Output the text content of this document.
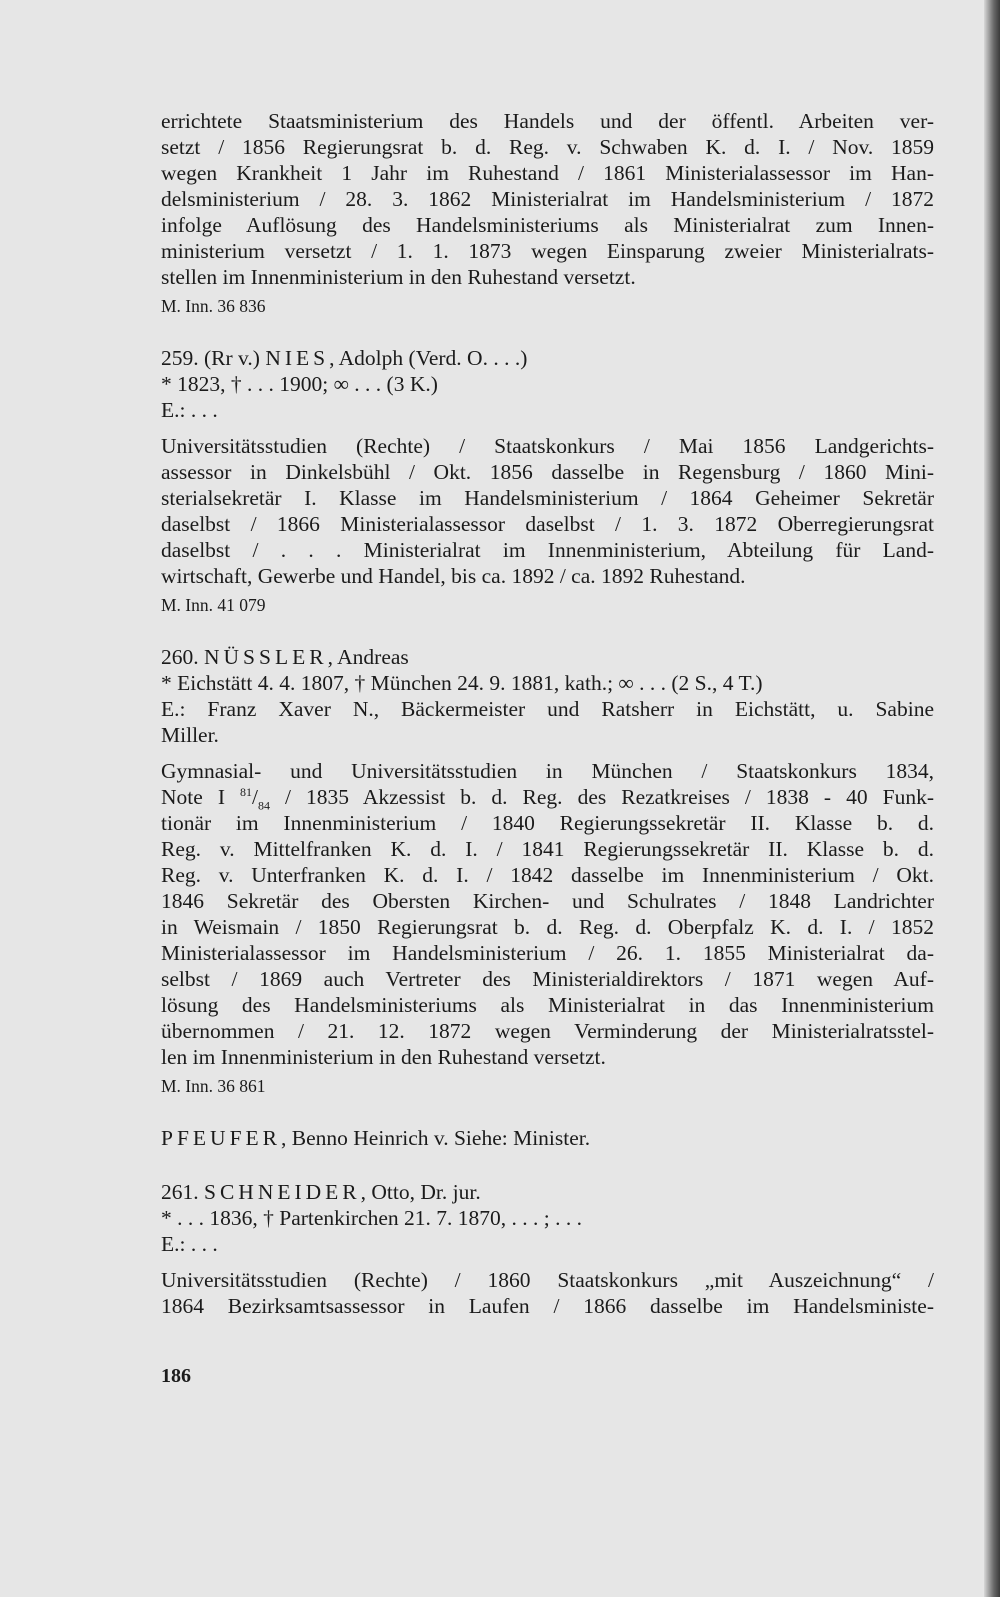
errichtete Staatsministerium des Handels und der öffentl. Arbeiten ver-
setzt / 1856 Regierungsrat b. d. Reg. v. Schwaben K. d. I. / Nov. 1859
wegen Krankheit 1 Jahr im Ruhestand / 1861 Ministerialassessor im Han-
delsministerium / 28. 3. 1862 Ministerialrat im Handelsministerium / 1872
infolge Auflösung des Handelsministeriums als Ministerialrat zum Innen-
ministerium versetzt / 1. 1. 1873 wegen Einsparung zweier Ministerialrats-
stellen im Innenministerium in den Ruhestand versetzt.
M. Inn. 36 836
259. (Rr v.) NIES, Adolph (Verd. O. . . .)
* 1823, † . . . 1900; ∞ . . . (3 K.)
E.: . . .
Universitätsstudien (Rechte) / Staatskonkurs / Mai 1856 Landgerichts-
assessor in Dinkelsbühl / Okt. 1856 dasselbe in Regensburg / 1860 Mini-
sterialsekretär I. Klasse im Handelsministerium / 1864 Geheimer Sekretär
daselbst / 1866 Ministerialassessor daselbst / 1. 3. 1872 Oberregierungsrat
daselbst / . . . Ministerialrat im Innenministerium, Abteilung für Land-
wirtschaft, Gewerbe und Handel, bis ca. 1892 / ca. 1892 Ruhestand.
M. Inn. 41 079
260. NÜSSLER, Andreas
* Eichstätt 4. 4. 1807, † München 24. 9. 1881, kath.; ∞ . . . (2 S., 4 T.)
E.: Franz Xaver N., Bäckermeister und Ratsherr in Eichstätt, u. Sabine
Miller.
Gymnasial- und Universitätsstudien in München / Staatskonkurs 1834,
Note I $^{81}/_{84} / 1835$ Akzessist b. d. Reg. des Rezatkreises / 1838 - 40 Funk-
tionär im Innenministerium / 1840 Regierungssekretär II. Klasse b. d.
Reg. v. Mittelfranken K. d. I. / 1841 Regierungssekretär II. Klasse b. d.
Reg. v. Unterfranken K. d. I. / 1842 dasselbe im Innenministerium / Okt.
1846 Sekretär des Obersten Kirchen- und Schulrates / 1848 Landrichter
in Weismain / 1850 Regierungsrat b. d. Reg. d. Oberpfalz K. d. I. / 1852
Ministerialassessor im Handelsministerium / 26. 1. 1855 Ministerialrat da-
selbst / 1869 auch Vertreter des Ministerialdirektors / 1871 wegen Auf-
lösung des Handelsministeriums als Ministerialrat in das Innenministerium
übernommen / 21. 12. 1872 wegen Verminderung der Ministerialratsstel-
len im Innenministerium in den Ruhestand versetzt.
M. Inn. 36 861
PFEUFER, Benno Heinrich v. Siehe: Minister.
261. SCHNEIDER, Otto, Dr. jur.
* . . . 1836, † Partenkirchen 21. 7. 1870, . . . ; . . .
E.: . . .
Universitätsstudien (Rechte) / 1860 Staatskonkurs „mit Auszeichnung“ /
1864 Bezirksamtsassessor in Laufen / 1866 dasselbe im Handelsministe-
186
